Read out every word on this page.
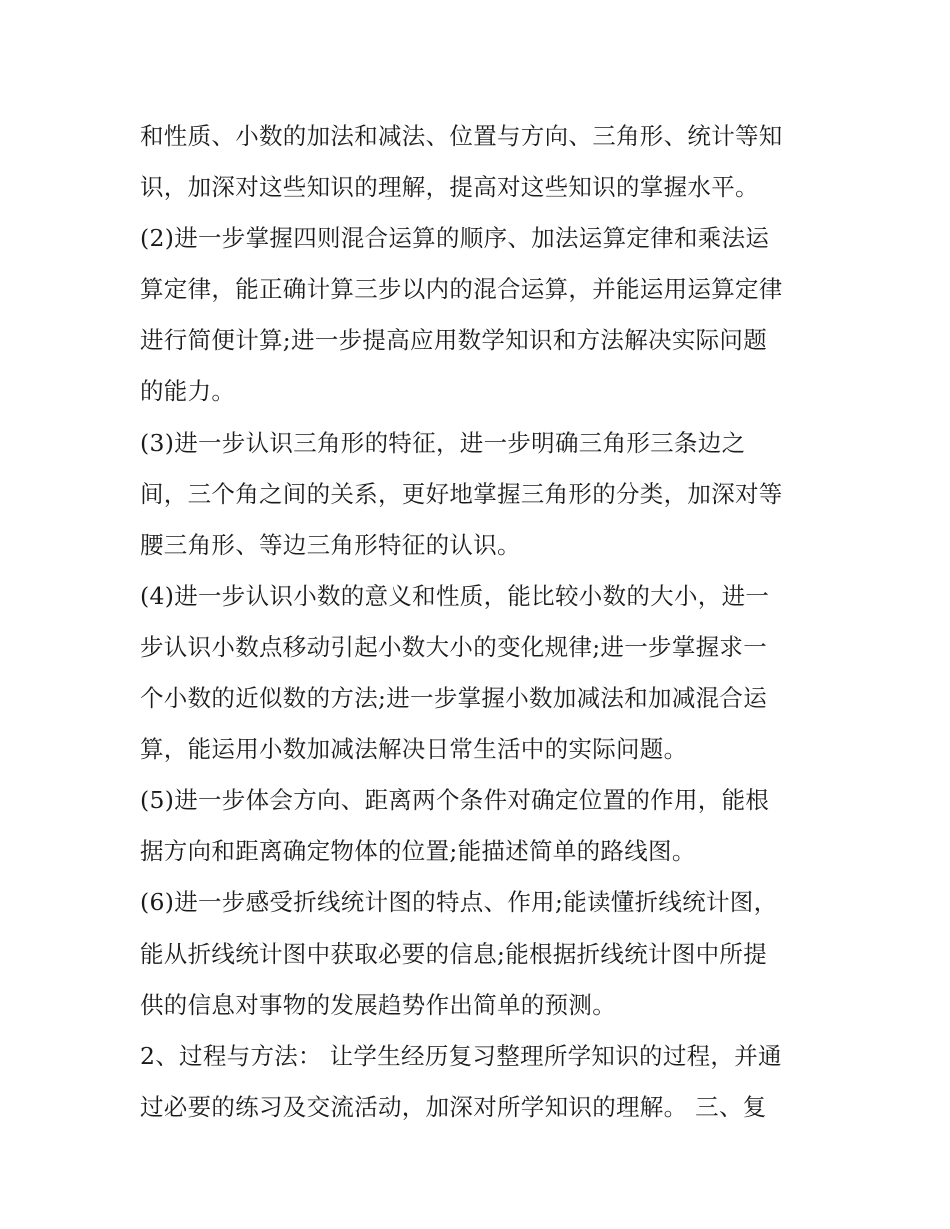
和性质、小数的加法和减法、位置与方向、三角形、统计等知
识，加深对这些知识的理解，提高对这些知识的掌握水平。
(2)进一步掌握四则混合运算的顺序、加法运算定律和乘法运
算定律，能正确计算三步以内的混合运算，并能运用运算定律
进行简便计算;进一步提高应用数学知识和方法解决实际问题
的能力。
(3)进一步认识三角形的特征，进一步明确三角形三条边之
间，三个角之间的关系，更好地掌握三角形的分类，加深对等
腰三角形、等边三角形特征的认识。
(4)进一步认识小数的意义和性质，能比较小数的大小，进一
步认识小数点移动引起小数大小的变化规律;进一步掌握求一
个小数的近似数的方法;进一步掌握小数加减法和加减混合运
算，能运用小数加减法解决日常生活中的实际问题。
(5)进一步体会方向、距离两个条件对确定位置的作用，能根
据方向和距离确定物体的位置;能描述简单的路线图。
(6)进一步感受折线统计图的特点、作用;能读懂折线统计图，
能从折线统计图中获取必要的信息;能根据折线统计图中所提
供的信息对事物的发展趋势作出简单的预测。
2、过程与方法： 让学生经历复习整理所学知识的过程，并通
过必要的练习及交流活动，加深对所学知识的理解。 三、复
